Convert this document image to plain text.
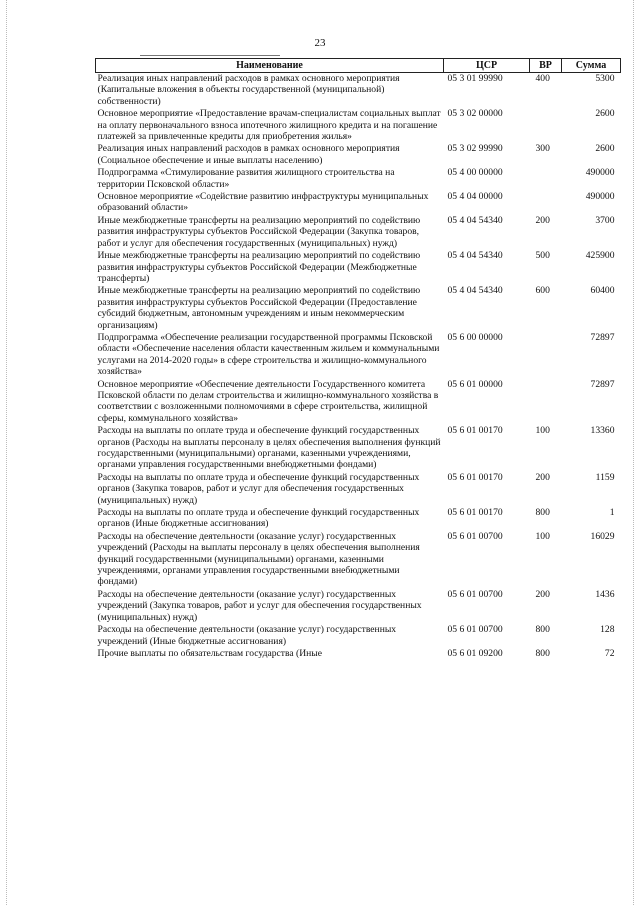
23
Наименование	ЦСР	ВР	Сумма
Реализация иных направлений расходов в рамках основного мероприятия (Капитальные вложения в объекты государственной (муниципальной) собственности)	05 3 01 99990	400	5300
Основное мероприятие «Предоставление врачам-специалистам социальных выплат на оплату первоначального взноса ипотечного жилищного кредита и на погашение платежей за привлеченные кредиты для приобретения жилья»	05 3 02 00000		2600
Реализация иных направлений расходов в рамках основного мероприятия (Социальное обеспечение и иные выплаты населению)	05 3 02 99990	300	2600
Подпрограмма «Стимулирование развития жилищного строительства на территории Псковской области»	05 4 00 00000		490000
Основное мероприятие «Содействие развитию инфраструктуры муниципальных образований области»	05 4 04 00000		490000
Иные межбюджетные трансферты на реализацию мероприятий по содействию развития инфраструктуры субъектов Российской Федерации (Закупка товаров, работ и услуг для обеспечения государственных (муниципальных) нужд)	05 4 04 54340	200	3700
Иные межбюджетные трансферты на реализацию мероприятий по содействию развития инфраструктуры субъектов Российской Федерации (Межбюджетные трансферты)	05 4 04 54340	500	425900
Иные межбюджетные трансферты на реализацию мероприятий по содействию развития инфраструктуры субъектов Российской Федерации (Предоставление субсидий бюджетным, автономным учреждениям и иным некоммерческим организациям)	05 4 04 54340	600	60400
Подпрограмма «Обеспечение реализации государственной программы Псковской области «Обеспечение населения области качественным жильем и коммунальными услугами на 2014-2020 годы» в сфере строительства и жилищно-коммунального хозяйства»	05 6 00 00000		72897
Основное мероприятие «Обеспечение деятельности Государственного комитета Псковской области по делам строительства и жилищно-коммунального хозяйства в соответствии с возложенными полномочиями в сфере строительства, жилищной сферы, коммунального хозяйства»	05 6 01 00000		72897
Расходы на выплаты по оплате труда и обеспечение функций государственных органов (Расходы на выплаты персоналу в целях обеспечения выполнения функций государственными (муниципальными) органами, казенными учреждениями, органами управления государственными внебюджетными фондами)	05 6 01 00170	100	13360
Расходы на выплаты по оплате труда и обеспечение функций государственных органов (Закупка товаров, работ и услуг для обеспечения государственных (муниципальных) нужд)	05 6 01 00170	200	1159
Расходы на выплаты по оплате труда и обеспечение функций государственных органов (Иные бюджетные ассигнования)	05 6 01 00170	800	1
Расходы на обеспечение деятельности (оказание услуг) государственных учреждений (Расходы на выплаты персоналу в целях обеспечения выполнения функций государственными (муниципальными) органами, казенными учреждениями, органами управления государственными внебюджетными фондами)	05 6 01 00700	100	16029
Расходы на обеспечение деятельности (оказание услуг) государственных учреждений (Закупка товаров, работ и услуг для обеспечения государственных (муниципальных) нужд)	05 6 01 00700	200	1436
Расходы на обеспечение деятельности (оказание услуг) государственных учреждений (Иные бюджетные ассигнования)	05 6 01 00700	800	128
Прочие выплаты по обязательствам государства (Иные	05 6 01 09200	800	72
